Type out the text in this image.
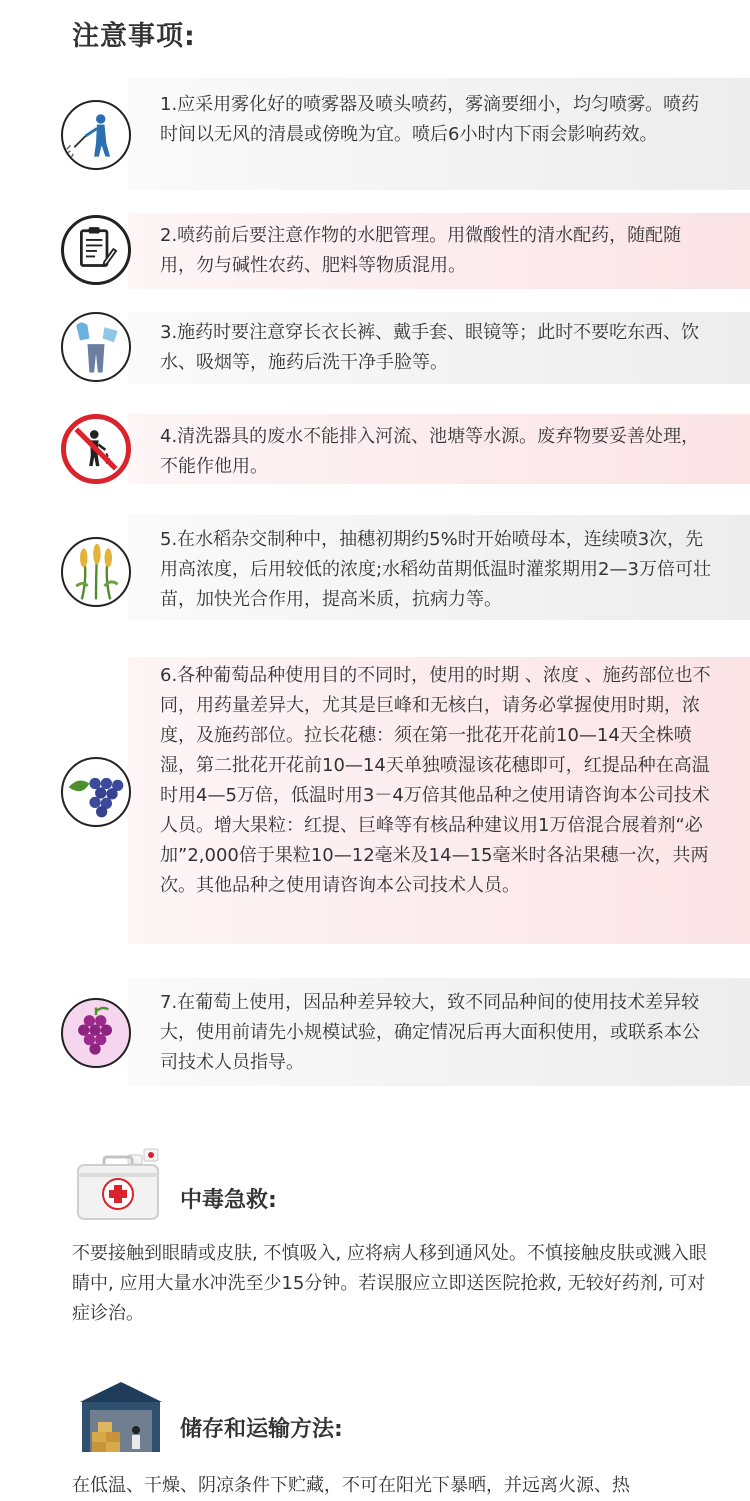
注意事项:

1.应采用雾化好的喷雾器及喷头喷药，雾滴要细小，均匀喷雾。喷药时间以无风的清晨或傍晚为宜。喷后6小时内下雨会影响药效。

2.喷药前后要注意作物的水肥管理。用微酸性的清水配药，随配随用，勿与碱性农药、肥料等物质混用。

3.施药时要注意穿长衣长裤、戴手套、眼镜等；此时不要吃东西、饮水、吸烟等，施药后洗干净手脸等。

4.清洗器具的废水不能排入河流、池塘等水源。废弃物要妥善处理，不能作他用。

5.在水稻杂交制种中，抽穗初期约5%时开始喷母本，连续喷3次，先用高浓度，后用较低的浓度;水稻幼苗期低温时灌浆期用2—3万倍可壮苗，加快光合作用，提高米质，抗病力等。

6.各种葡萄品种使用目的不同时，使用的时期 、浓度 、施药部位也不同，用药量差异大，尤其是巨峰和无核白，请务必掌握使用时期，浓度，及施药部位。拉长花穗：须在第一批花开花前10—14天全株喷湿，第二批花开花前10—14天单独喷湿该花穗即可，红提品种在高温时用4—5万倍，低温时用3－4万倍其他品种之使用请咨询本公司技术人员。增大果粒：红提、巨峰等有核品种建议用1万倍混合展着剂“必加”2,000倍于果粒10—12毫米及14—15毫米时各沾果穗一次，共两次。其他品种之使用请咨询本公司技术人员。

7.在葡萄上使用，因品种差异较大，致不同品种间的使用技术差异较大，使用前请先小规模试验，确定情况后再大面积使用，或联系本公司技术人员指导。

中毒急救:

不要接触到眼睛或皮肤, 不慎吸入, 应将病人移到通风处。不慎接触皮肤或溅入眼睛中, 应用大量水冲洗至少15分钟。若误服应立即送医院抢救, 无较好药剂, 可对症诊治。

储存和运输方法:

在低温、干燥、阴凉条件下贮藏，不可在阳光下暴晒，并远离火源、热
